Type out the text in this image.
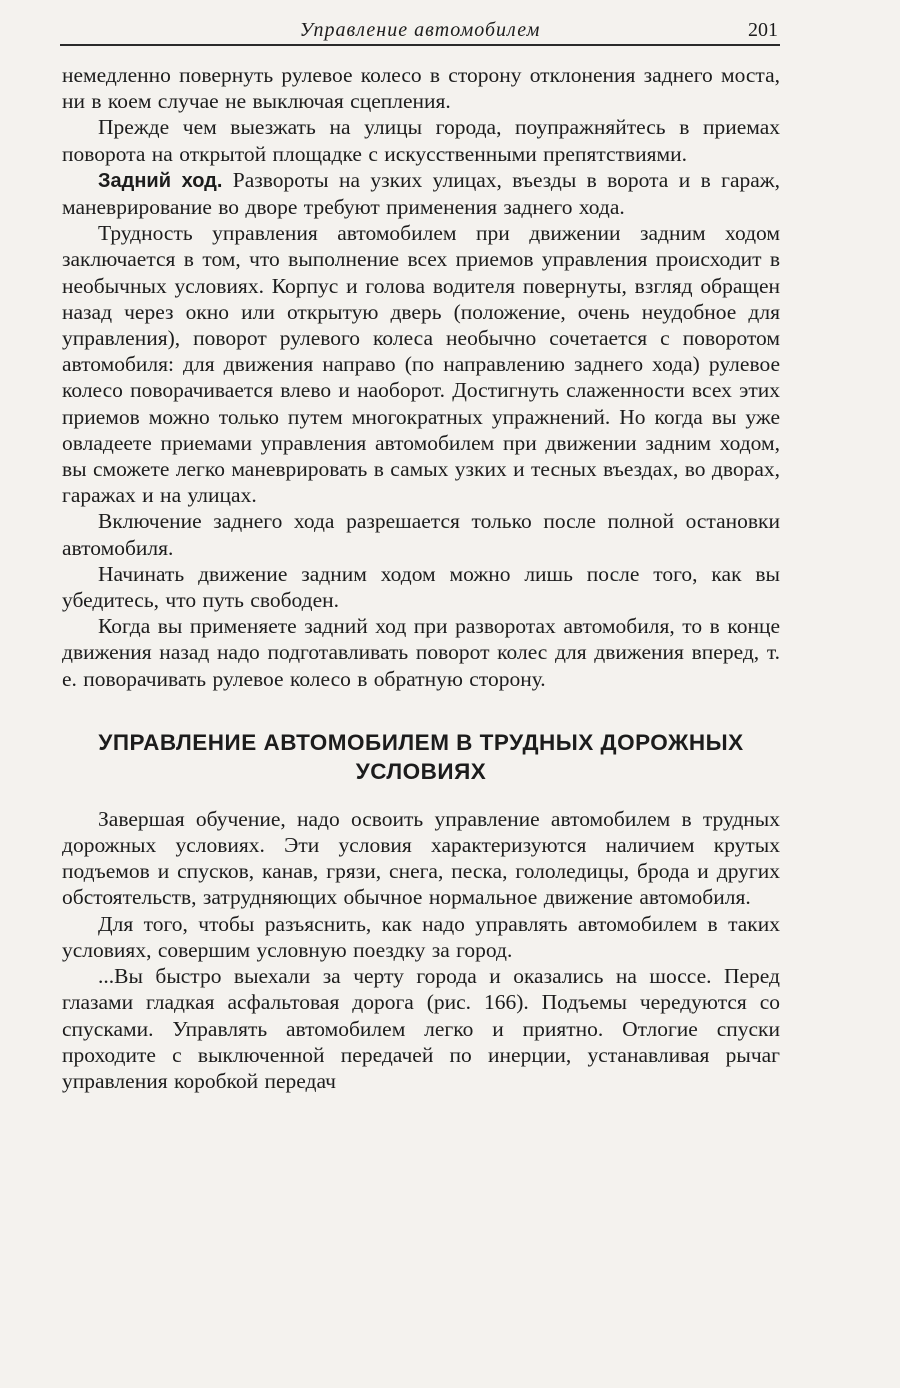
Управление автомобилем	201

немедленно повернуть рулевое колесо в сторону отклонения заднего моста, ни в коем случае не выключая сцепления.

Прежде чем выезжать на улицы города, поупражняйтесь в приемах поворота на открытой площадке с искусственными препятствиями.

Задний ход. Развороты на узких улицах, въезды в ворота и в гараж, маневрирование во дворе требуют применения заднего хода.

Трудность управления автомобилем при движении задним ходом заключается в том, что выполнение всех приемов управления происходит в необычных условиях. Корпус и голова водителя повернуты, взгляд обращен назад через окно или открытую дверь (положение, очень неудобное для управления), поворот рулевого колеса необычно сочетается с поворотом автомобиля: для движения направо (по направлению заднего хода) рулевое колесо поворачивается влево и наоборот. Достигнуть слаженности всех этих приемов можно только путем многократных упражнений. Но когда вы уже овладеете приемами управления автомобилем при движении задним ходом, вы сможете легко маневрировать в самых узких и тесных въездах, во дворах, гаражах и на улицах.

Включение заднего хода разрешается только после полной остановки автомобиля.

Начинать движение задним ходом можно лишь после того, как вы убедитесь, что путь свободен.

Когда вы применяете задний ход при разворотах автомобиля, то в конце движения назад надо подготавливать поворот колес для движения вперед, т. е. поворачивать рулевое колесо в обратную сторону.

УПРАВЛЕНИЕ АВТОМОБИЛЕМ В ТРУДНЫХ ДОРОЖНЫХ
УСЛОВИЯХ

Завершая обучение, надо освоить управление автомобилем в трудных дорожных условиях. Эти условия характеризуются наличием крутых подъемов и спусков, канав, грязи, снега, песка, гололедицы, брода и других обстоятельств, затрудняющих обычное нормальное движение автомобиля.

Для того, чтобы разъяснить, как надо управлять автомобилем в таких условиях, совершим условную поездку за город.

...Вы быстро выехали за черту города и оказались на шоссе. Перед глазами гладкая асфальтовая дорога (рис. 166). Подъемы чередуются со спусками. Управлять автомобилем легко и приятно. Отлогие спуски проходите с выключенной передачей по инерции, устанавливая рычаг управления коробкой передач
